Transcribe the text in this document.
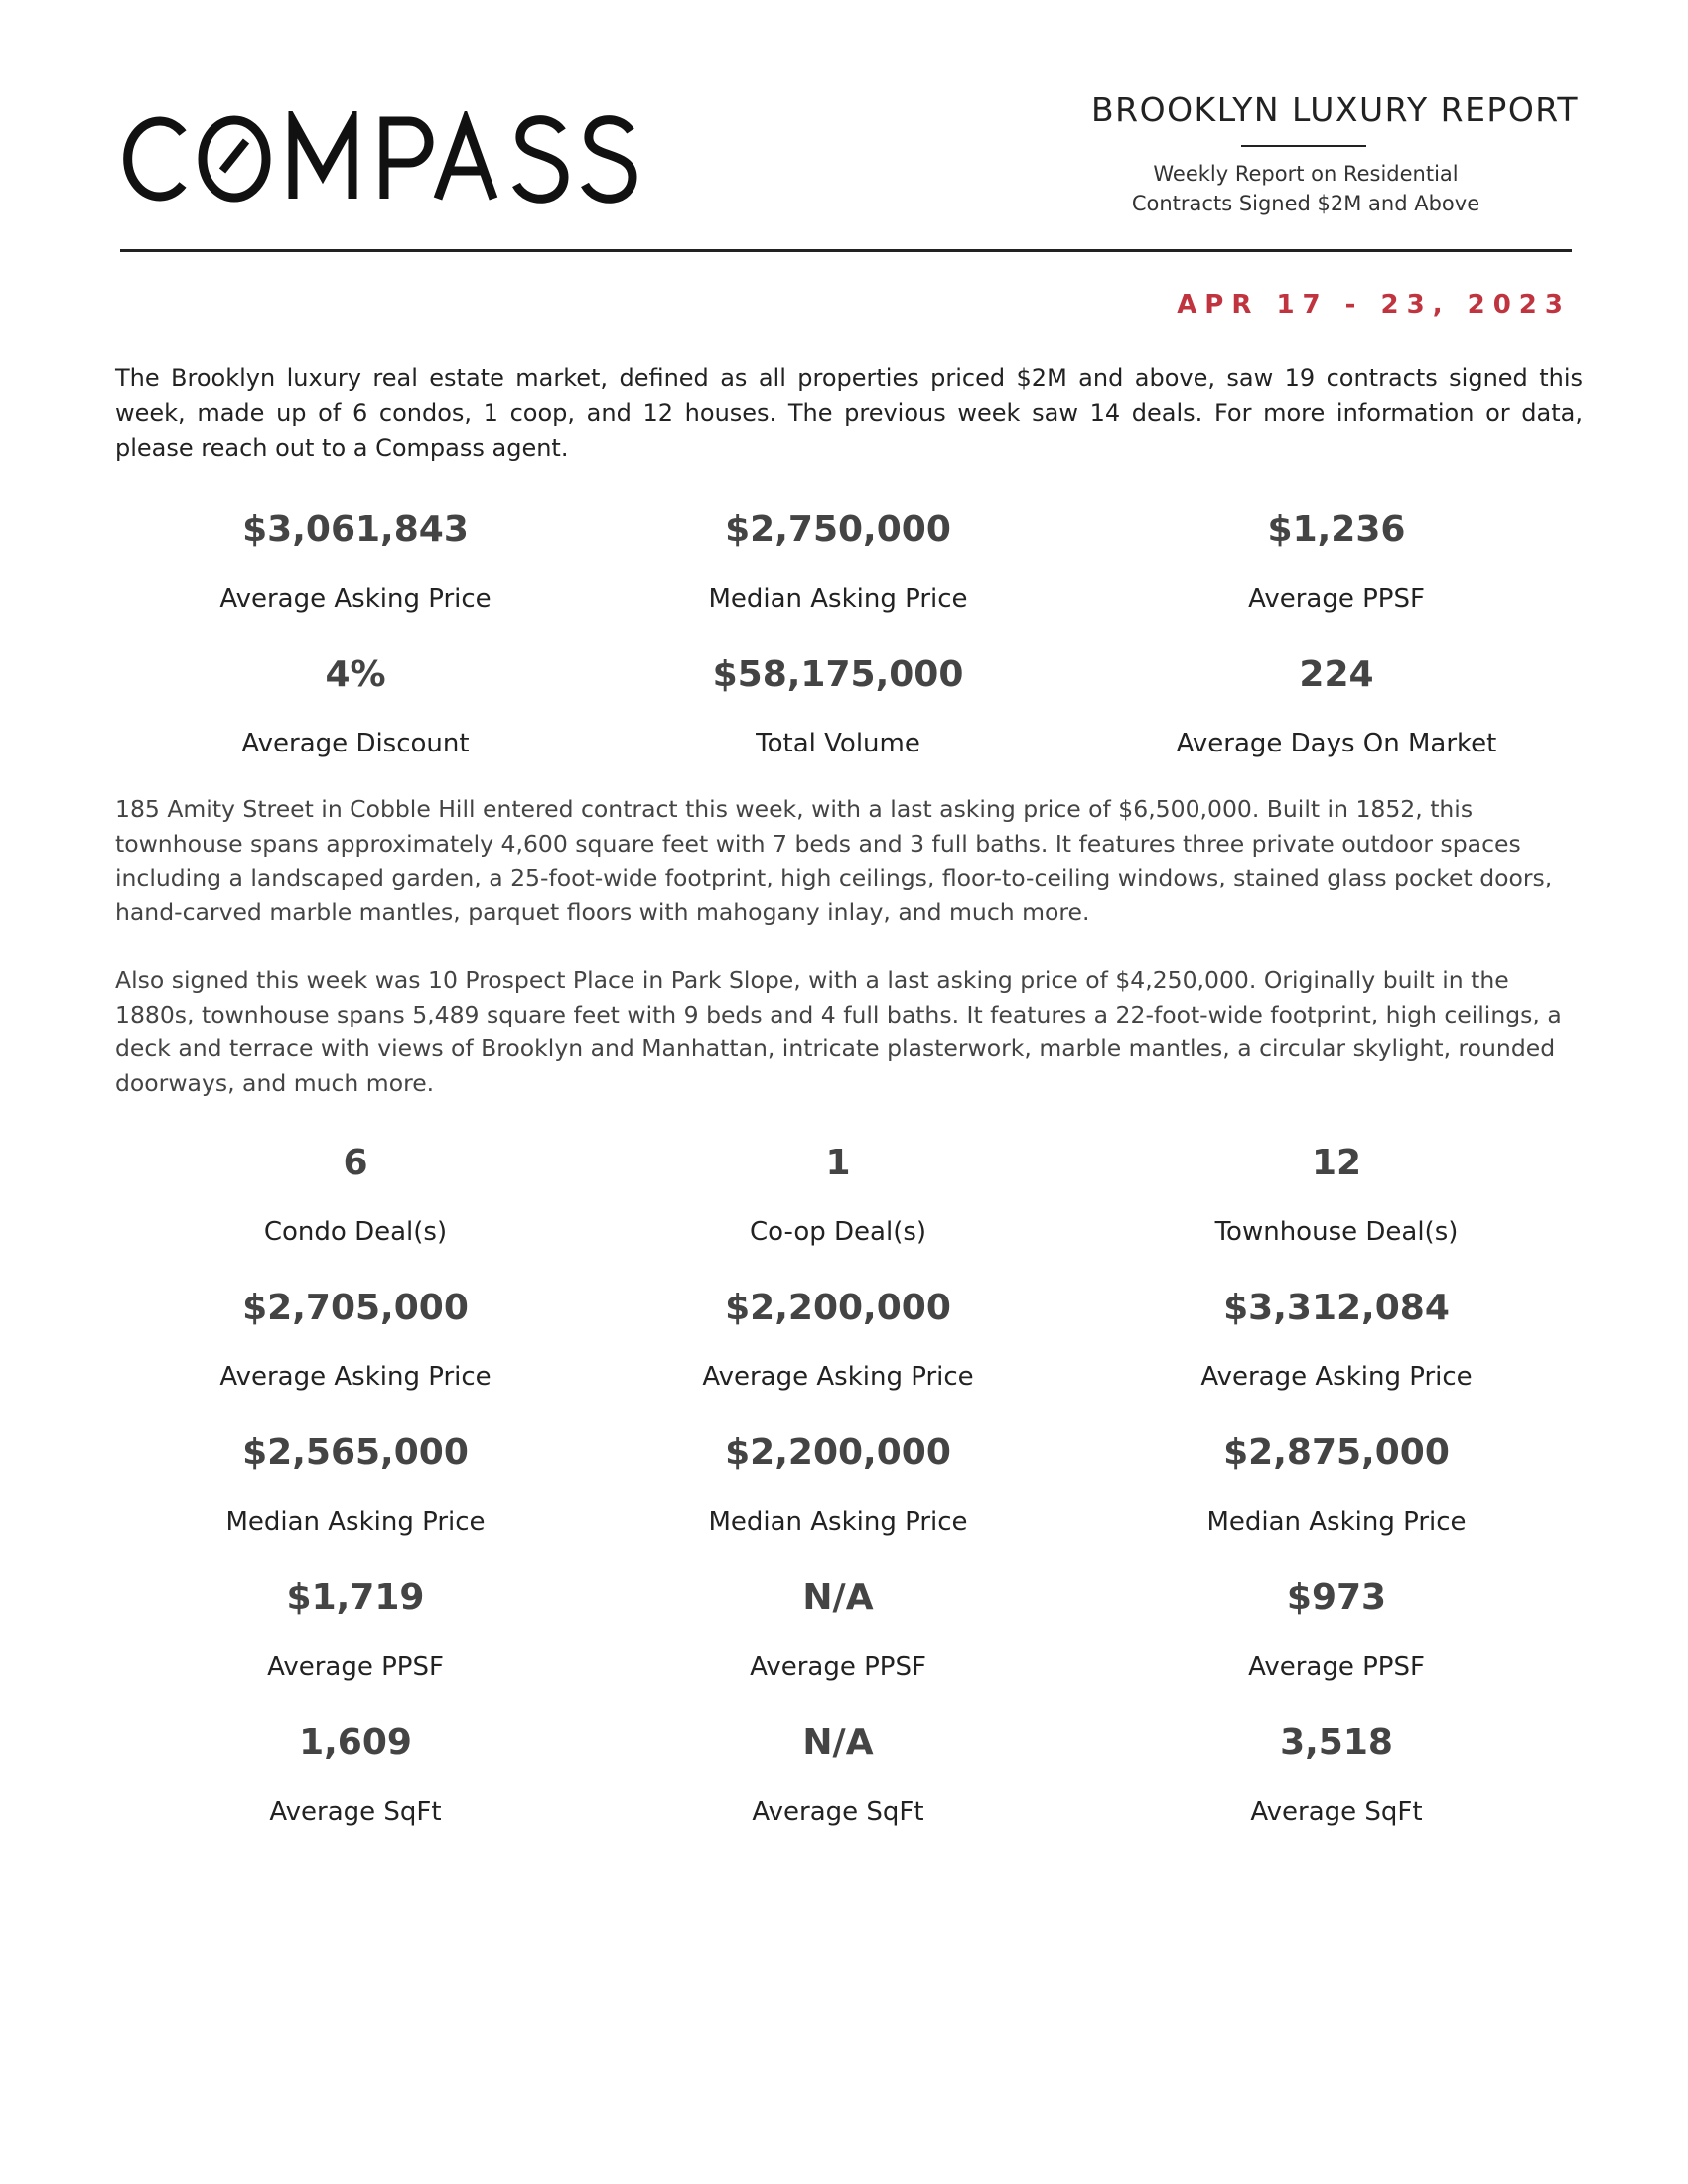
BROOKLYN LUXURY REPORT
Weekly Report on Residential
Contracts Signed $2M and Above
APR 17 - 23, 2023

The Brooklyn luxury real estate market, defined as all properties priced $2M and above, saw 19 contracts signed this week, made up of 6 condos, 1 coop, and 12 houses. The previous week saw 14 deals. For more information or data, please reach out to a Compass agent.

$3,061,843
Average Asking Price
$2,750,000
Median Asking Price
$1,236
Average PPSF
4%
Average Discount
$58,175,000
Total Volume
224
Average Days On Market

185 Amity Street in Cobble Hill entered contract this week, with a last asking price of $6,500,000. Built in 1852, this townhouse spans approximately 4,600 square feet with 7 beds and 3 full baths. It features three private outdoor spaces including a landscaped garden, a 25-foot-wide footprint, high ceilings, floor-to-ceiling windows, stained glass pocket doors, hand-carved marble mantles, parquet floors with mahogany inlay, and much more.

Also signed this week was 10 Prospect Place in Park Slope, with a last asking price of $4,250,000. Originally built in the 1880s, townhouse spans 5,489 square feet with 9 beds and 4 full baths. It features a 22-foot-wide footprint, high ceilings, a deck and terrace with views of Brooklyn and Manhattan, intricate plasterwork, marble mantles, a circular skylight, rounded doorways, and much more.

6
Condo Deal(s)
$2,705,000
Average Asking Price
$2,565,000
Median Asking Price
$1,719
Average PPSF
1,609
Average SqFt
1
Co-op Deal(s)
$2,200,000
Average Asking Price
$2,200,000
Median Asking Price
N/A
Average PPSF
N/A
Average SqFt
12
Townhouse Deal(s)
$3,312,084
Average Asking Price
$2,875,000
Median Asking Price
$973
Average PPSF
3,518
Average SqFt
